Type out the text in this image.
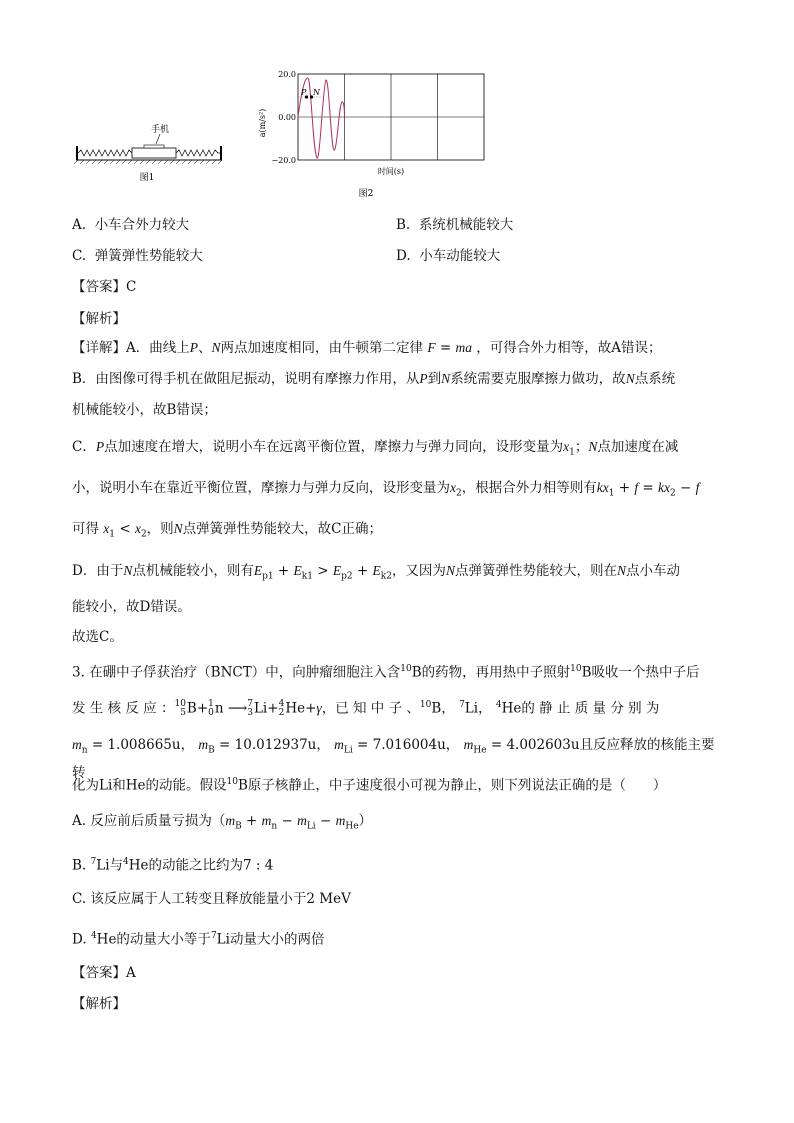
手机
图1
a(m/s²)
20.0
0.00
−20.0
P N
时间(s)
图2
A. 小车合外力较大	B. 系统机械能较大
C. 弹簧弹性势能较大	D. 小车动能较大
【答案】C
【解析】
【详解】A．曲线上P、N两点加速度相同，由牛顿第二定律 F = ma ，可得合外力相等，故A错误；
B．由图像可得手机在做阻尼振动，说明有摩擦力作用，从P到N系统需要克服摩擦力做功，故N点系统
机械能较小，故B错误；
C．P点加速度在增大，说明小车在远离平衡位置，摩擦力与弹力同向，设形变量为$x_1$；N点加速度在减
小，说明小车在靠近平衡位置，摩擦力与弹力反向，设形变量为$x_2$，根据合外力相等则有$kx_1 + f = kx_2 - f$
可得 $x_1 < x_2$，则N点弹簧弹性势能较大，故C正确；
D．由于N点机械能较小，则有$E_{p1} + E_{k1} > E_{p2} + E_{k2}$，又因为N点弹簧弹性势能较大，则在N点小车动
能较小，故D错误。
故选C。
3. 在硼中子俘获治疗（BNCT）中，向肿瘤细胞注入含$^{10}$B的药物，再用热中子照射$^{10}$B吸收一个热中子后
发 生 核 反 应 ：10
5B+1
0n ⟶7
3Li+4
2He+γ，已 知 中 子 、$^{10}$B， $^7$Li， $^4$He的 静 止 质 量 分 别 为
$m_n = 1.008665u$， $m_B = 10.012937u$， $m_{Li} = 7.016004u$， $m_{He} = 4.002603u$且反应释放的核能主要转
化为Li和He的动能。假设$^{10}$B原子核静止，中子速度很小可视为静止，则下列说法正确的是（　　）
A. 反应前后质量亏损为$(m_B + m_n - m_{Li} - m_{He})$
B. $^7$Li与$^4$He的动能之比约为7 : 4
C. 该反应属于人工转变且释放能量小于2 MeV
D. $^4$He的动量大小等于$^7$Li动量大小的两倍
【答案】A
【解析】
